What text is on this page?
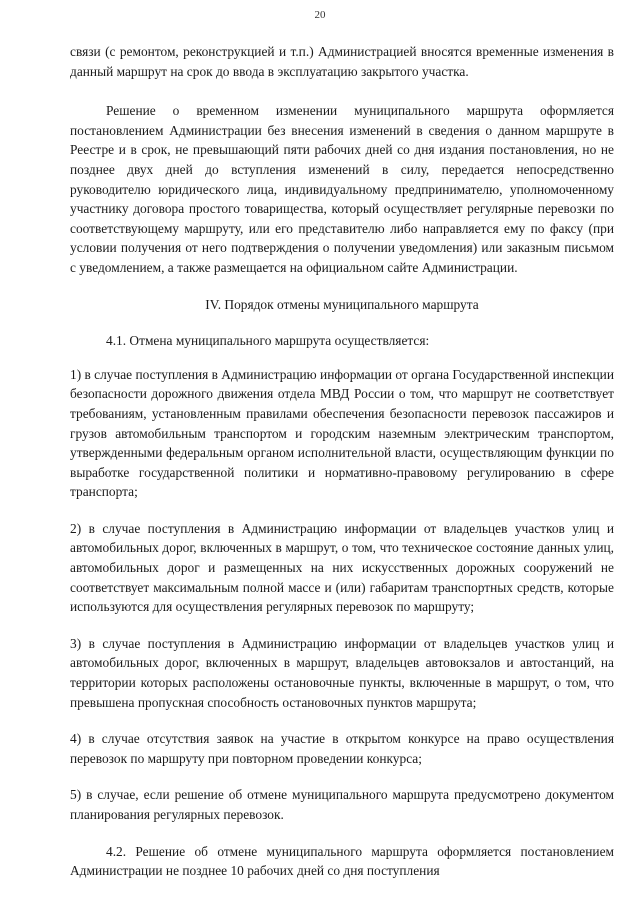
20

связи (с ремонтом, реконструкцией и т.п.) Администрацией вносятся временные изменения в данный маршрут на срок до ввода в эксплуатацию закрытого участка.

Решение о временном изменении муниципального маршрута оформляется постановлением Администрации без внесения изменений в сведения о данном маршруте в Реестре и в срок, не превышающий пяти рабочих дней со дня издания постановления, но не позднее двух дней до вступления изменений в силу, передается непосредственно руководителю юридического лица, индивидуальному предпринимателю, уполномоченному участнику договора простого товарищества, который осуществляет регулярные перевозки по соответствующему маршруту, или его представителю либо направляется ему по факсу (при условии получения от него подтверждения о получении уведомления) или заказным письмом с уведомлением, а также размещается на официальном сайте Администрации.

IV. Порядок отмены муниципального маршрута

4.1. Отмена муниципального маршрута осуществляется:

1) в случае поступления в Администрацию информации от органа Государственной инспекции безопасности дорожного движения отдела МВД России о том, что маршрут не соответствует требованиям, установленным правилами обеспечения безопасности перевозок пассажиров и грузов автомобильным транспортом и городским наземным электрическим транспортом, утвержденными федеральным органом исполнительной власти, осуществляющим функции по выработке государственной политики и нормативно-правовому регулированию в сфере транспорта;

2) в случае поступления в Администрацию информации от владельцев участков улиц и автомобильных дорог, включенных в маршрут, о том, что техническое состояние данных улиц, автомобильных дорог и размещенных на них искусственных дорожных сооружений не соответствует максимальным полной массе и (или) габаритам транспортных средств, которые используются для осуществления регулярных перевозок по маршруту;

3) в случае поступления в Администрацию информации от владельцев участков улиц и автомобильных дорог, включенных в маршрут, владельцев автовокзалов и автостанций, на территории которых расположены остановочные пункты, включенные в маршрут, о том, что превышена пропускная способность остановочных пунктов маршрута;

4) в случае отсутствия заявок на участие в открытом конкурсе на право осуществления перевозок по маршруту при повторном проведении конкурса;

5) в случае, если решение об отмене муниципального маршрута предусмотрено документом планирования регулярных перевозок.

4.2. Решение об отмене муниципального маршрута оформляется постановлением Администрации не позднее 10 рабочих дней со дня поступления
